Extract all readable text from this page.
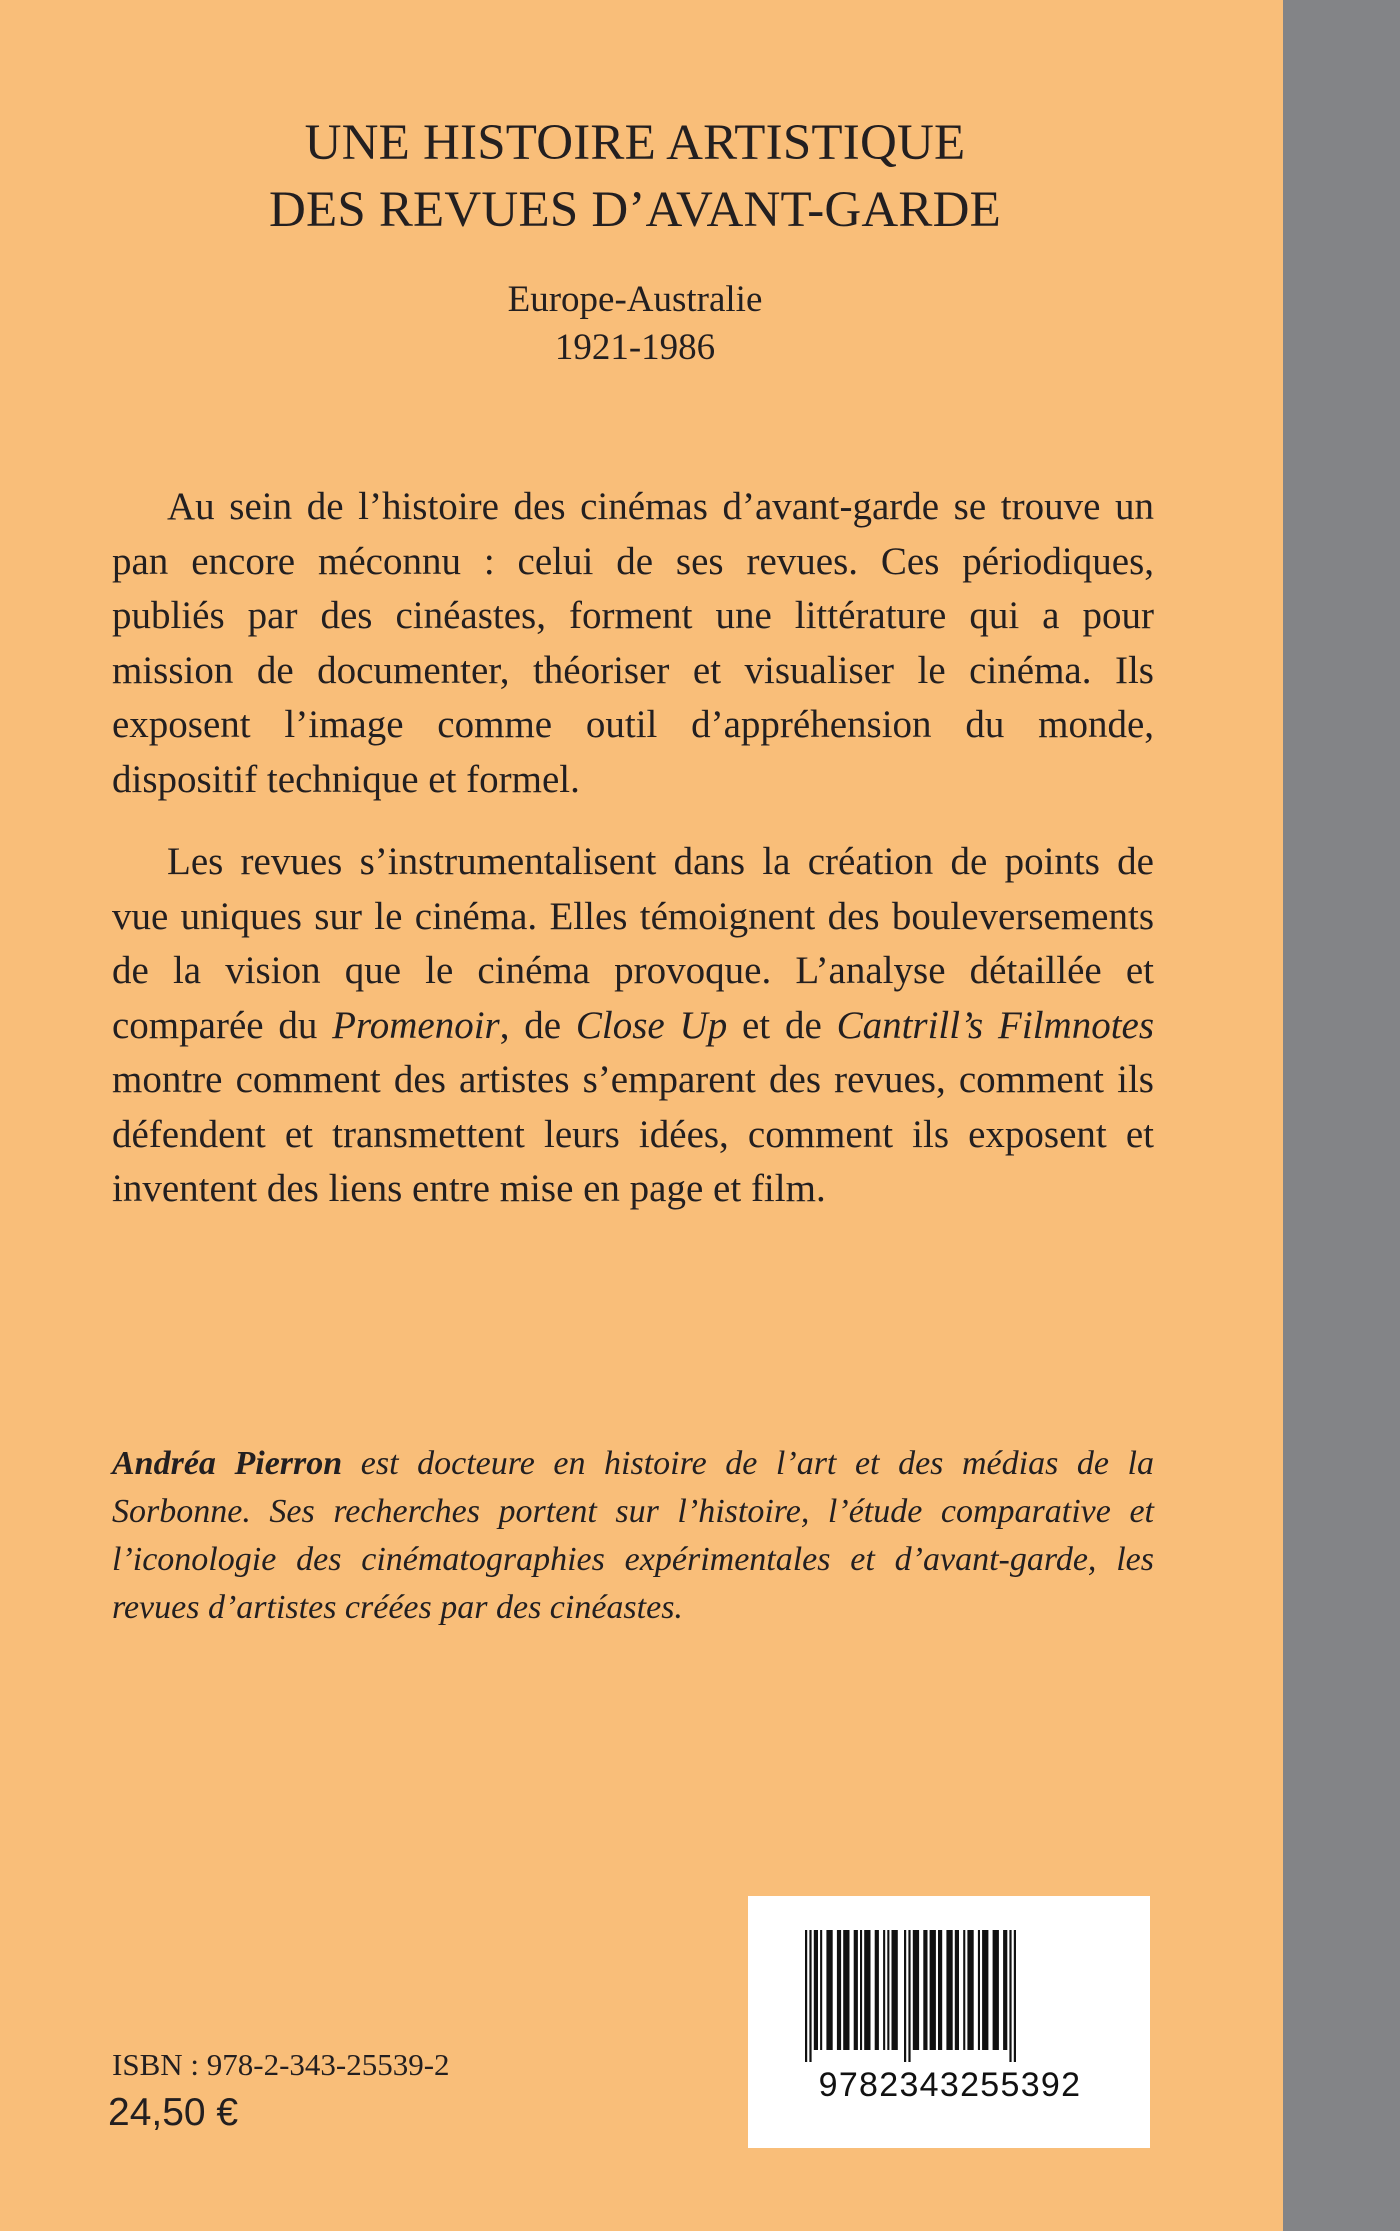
UNE HISTOIRE ARTISTIQUE
DES REVUES D’AVANT-GARDE
Europe-Australie
1921-1986

Au sein de l’histoire des cinémas d’avant-garde se trouve un pan encore méconnu : celui de ses revues. Ces périodiques, publiés par des cinéastes, forment une littérature qui a pour mission de documenter, théoriser et visualiser le cinéma. Ils exposent l’image comme outil d’appréhension du monde, dispositif technique et formel.

Les revues s’instrumentalisent dans la création de points de vue uniques sur le cinéma. Elles témoignent des bouleversements de la vision que le cinéma provoque. L’analyse détaillée et comparée du Promenoir, de Close Up et de Cantrill’s Filmnotes montre comment des artistes s’emparent des revues, comment ils défendent et transmettent leurs idées, comment ils exposent et inventent des liens entre mise en page et film.

Andréa Pierron est docteure en histoire de l’art et des médias de la Sorbonne. Ses recherches portent sur l’histoire, l’étude comparative et l’iconologie des cinématographies expérimentales et d’avant-garde, les revues d’artistes créées par des cinéastes.
9782343255392
ISBN : 978-2-343-25539-2
24,50 €
